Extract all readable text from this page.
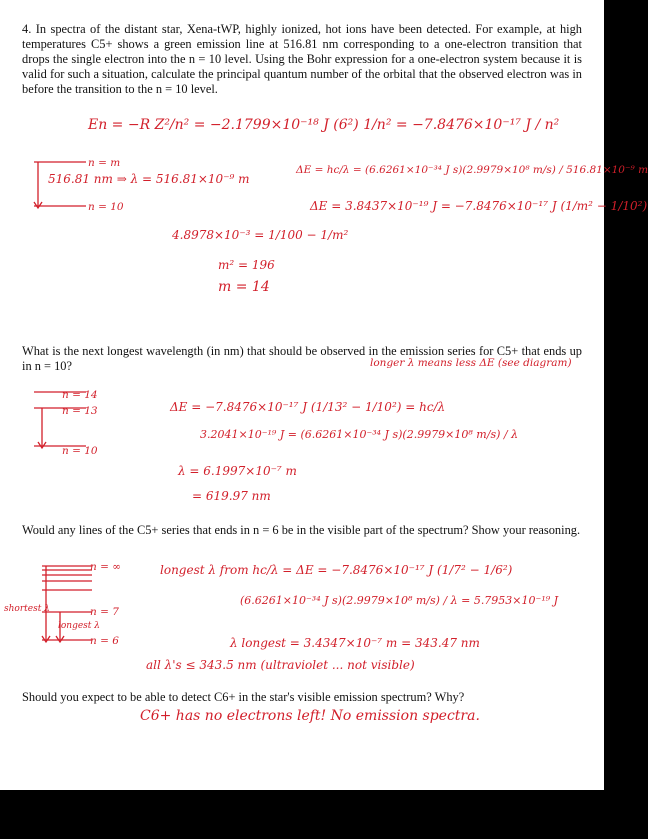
4. In spectra of the distant star, Xena-tWP, highly ionized, hot ions have been detected. For example, at high temperatures C5+ shows a green emission line at 516.81 nm corresponding to a one-electron transition that drops the single electron into the n = 10 level. Using the Bohr expression for a one-electron system because it is valid for such a situation, calculate the principal quantum number of the orbital that the observed electron was in before the transition to the n = 10 level.
What is the next longest wavelength (in nm) that should be observed in the emission series for C5+ that ends up in n = 10?
Would any lines of the C5+ series that ends in n = 6 be in the visible part of the spectrum? Show your reasoning.
Should you expect to be able to detect C6+ in the star's visible emission spectrum? Why?
En = −R Z²/n² = −2.1799×10⁻¹⁸ J (6²) 1/n² = −7.8476×10⁻¹⁷ J / n²
n = m
n = 10
516.81 nm ⇒ λ = 516.81×10⁻⁹ m
ΔE = hc/λ = (6.6261×10⁻³⁴ J s)(2.9979×10⁸ m/s) / 516.81×10⁻⁹ m
ΔE = 3.8437×10⁻¹⁹ J = −7.8476×10⁻¹⁷ J (1/m² − 1/10²)
4.8978×10⁻³ = 1/100 − 1/m²
m² = 196
m = 14
longer λ means less ΔE (see diagram)
n = 14
n = 13
n = 10
ΔE = −7.8476×10⁻¹⁷ J (1/13² − 1/10²) = hc/λ
3.2041×10⁻¹⁹ J = (6.6261×10⁻³⁴ J s)(2.9979×10⁸ m/s) / λ
λ = 6.1997×10⁻⁷ m
= 619.97 nm
n = ∞
n = 7
n = 6
shortest λ
longest λ
longest λ from hc/λ = ΔE = −7.8476×10⁻¹⁷ J (1/7² − 1/6²)
(6.6261×10⁻³⁴ J s)(2.9979×10⁸ m/s) / λ = 5.7953×10⁻¹⁹ J
λ longest = 3.4347×10⁻⁷ m = 343.47 nm
all λ's ≤ 343.5 nm (ultraviolet ... not visible)
C6+ has no electrons left! No emission spectra.
